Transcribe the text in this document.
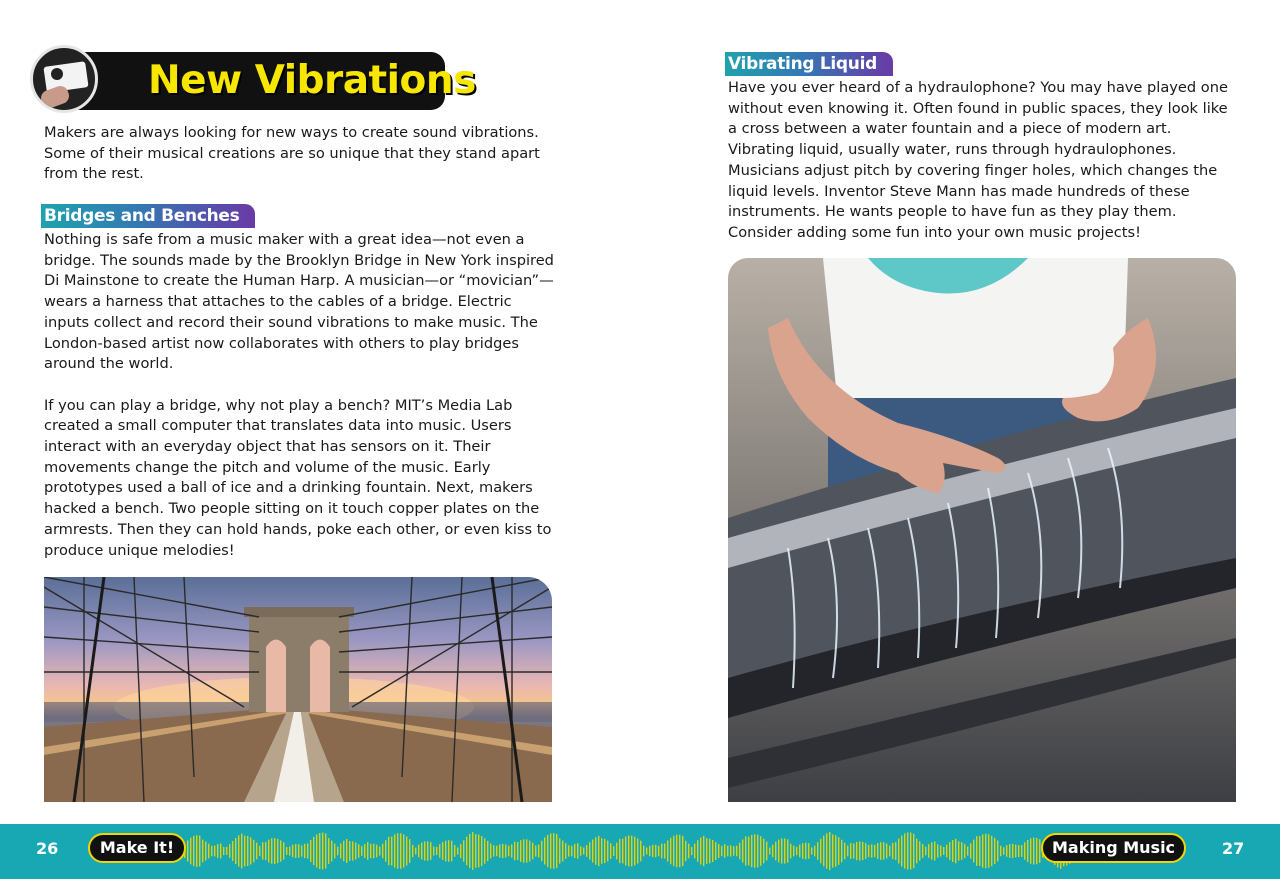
New Vibrations

Makers are always looking for new ways to create sound vibrations. Some of their musical creations are so unique that they stand apart from the rest.

Bridges and Benches

Nothing is safe from a music maker with a great idea—not even a bridge. The sounds made by the Brooklyn Bridge in New York inspired Di Mainstone to create the Human Harp. A musician—or “movician”—wears a harness that attaches to the cables of a bridge. Electric inputs collect and record their sound vibrations to make music. The London-based artist now collaborates with others to play bridges around the world.

If you can play a bridge, why not play a bench? MIT’s Media Lab created a small computer that translates data into music. Users interact with an everyday object that has sensors on it. Their movements change the pitch and volume of the music. Early prototypes used a ball of ice and a drinking fountain. Next, makers hacked a bench. Two people sitting on it touch copper plates on the armrests. Then they can hold hands, poke each other, or even kiss to produce unique melodies!

Vibrating Liquid

Have you ever heard of a hydraulophone? You may have played one without even knowing it. Often found in public spaces, they look like a cross between a water fountain and a piece of modern art. Vibrating liquid, usually water, runs through hydraulophones. Musicians adjust pitch by covering finger holes, which changes the liquid levels. Inventor Steve Mann has made hundreds of these instruments. He wants people to have fun as they play them. Consider adding some fun into your own music projects!

26	Make It!	Making Music	27
